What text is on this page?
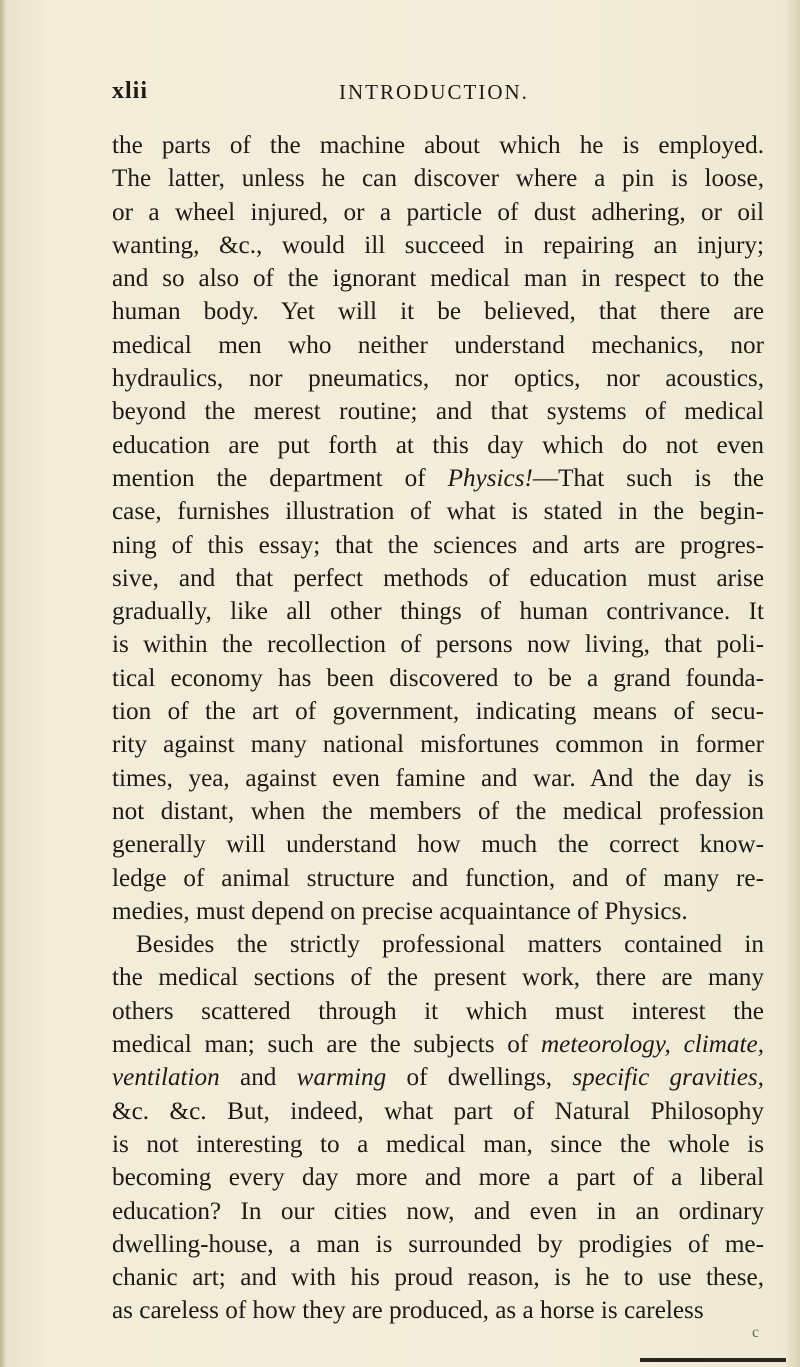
xlii	INTRODUCTION.
the parts of the machine about which he is employed.
The latter, unless he can discover where a pin is loose,
or a wheel injured, or a particle of dust adhering, or oil
wanting, &c., would ill succeed in repairing an injury;
and so also of the ignorant medical man in respect to the
human body. Yet will it be believed, that there are
medical men who neither understand mechanics, nor
hydraulics, nor pneumatics, nor optics, nor acoustics,
beyond the merest routine; and that systems of medical
education are put forth at this day which do not even
mention the department of Physics!—That such is the
case, furnishes illustration of what is stated in the begin-
ning of this essay; that the sciences and arts are progres-
sive, and that perfect methods of education must arise
gradually, like all other things of human contrivance. It
is within the recollection of persons now living, that poli-
tical economy has been discovered to be a grand founda-
tion of the art of government, indicating means of secu-
rity against many national misfortunes common in former
times, yea, against even famine and war. And the day is
not distant, when the members of the medical profession
generally will understand how much the correct know-
ledge of animal structure and function, and of many re-
medies, must depend on precise acquaintance of Physics.
Besides the strictly professional matters contained in
the medical sections of the present work, there are many
others scattered through it which must interest the
medical man; such are the subjects of meteorology, climate,
ventilation and warming of dwellings, specific gravities,
&c. &c. But, indeed, what part of Natural Philosophy
is not interesting to a medical man, since the whole is
becoming every day more and more a part of a liberal
education? In our cities now, and even in an ordinary
dwelling-house, a man is surrounded by prodigies of me-
chanic art; and with his proud reason, is he to use these,
as careless of how they are produced, as a horse is careless
c
